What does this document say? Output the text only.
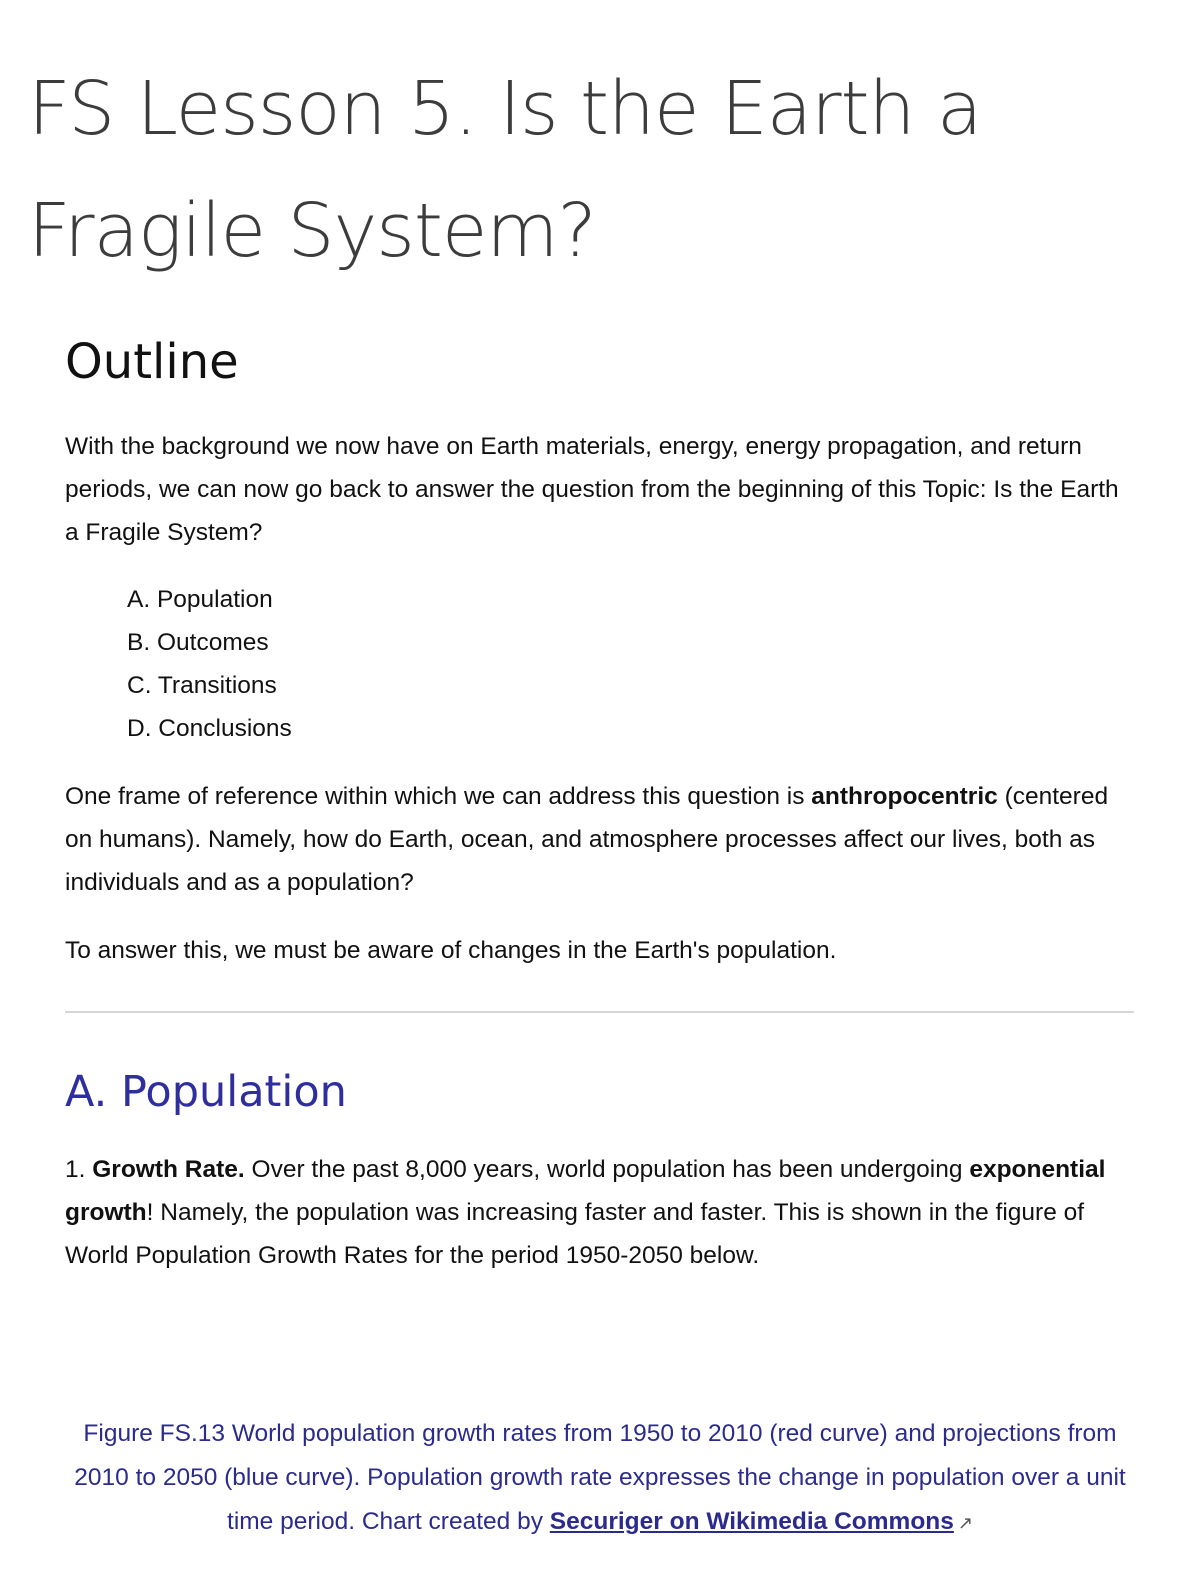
FS Lesson 5. Is the Earth a Fragile System?
Outline

With the background we now have on Earth materials, energy, energy propagation, and return periods, we can now go back to answer the question from the beginning of this Topic: Is the Earth a Fragile System?

A. Population
B. Outcomes
C. Transitions
D. Conclusions

One frame of reference within which we can address this question is anthropocentric (centered on humans). Namely, how do Earth, ocean, and atmosphere processes affect our lives, both as individuals and as a population?

To answer this, we must be aware of changes in the Earth's population.

A. Population

1. Growth Rate. Over the past 8,000 years, world population has been undergoing exponential growth! Namely, the population was increasing faster and faster. This is shown in the figure of World Population Growth Rates for the period 1950-2050 below.

Figure FS.13 World population growth rates from 1950 to 2010 (red curve) and projections from 2010 to 2050 (blue curve). Population growth rate expresses the change in population over a unit time period. Chart created by Securiger on Wikimedia Commons ↗
